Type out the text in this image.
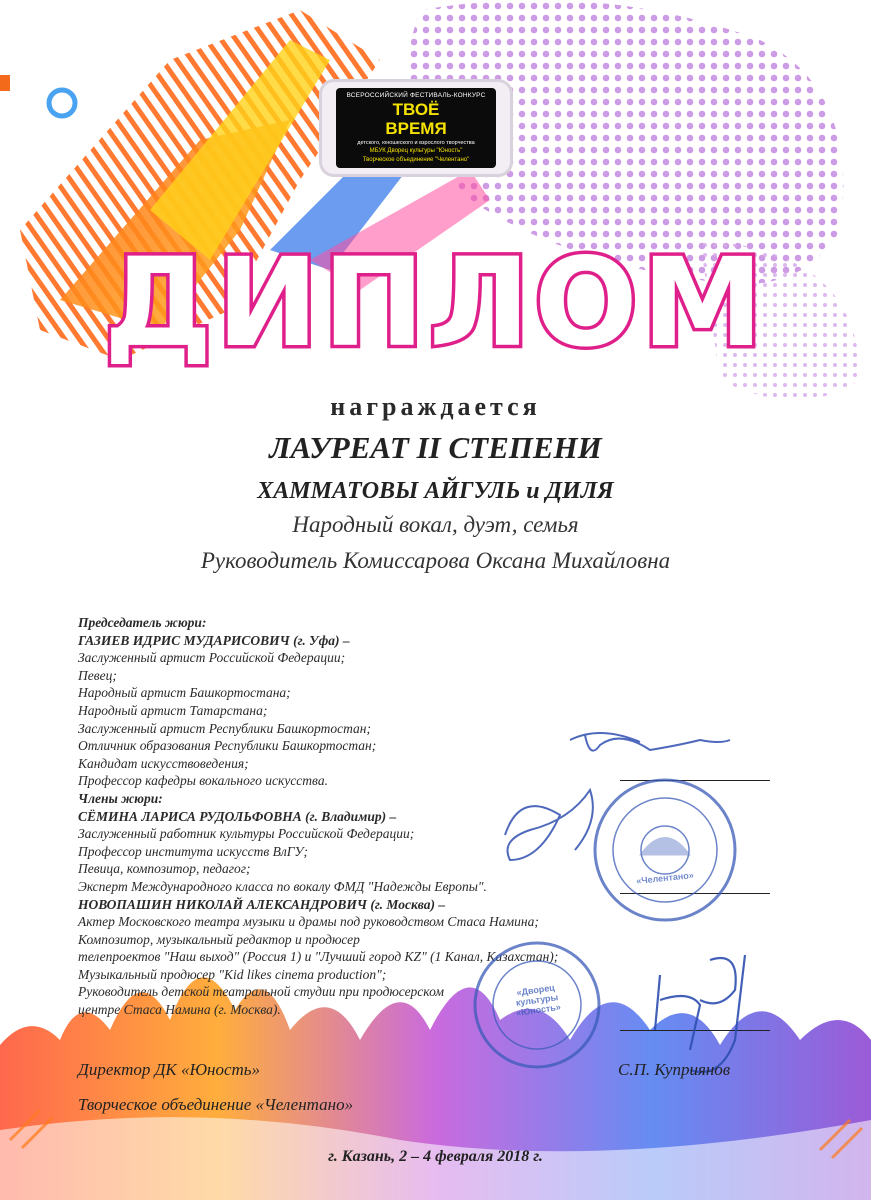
ВСЕРОССИЙСКИЙ ФЕСТИВАЛЬ-КОНКУРС
ТВОЁ
ВРЕМЯ
детского, юношеского и взрослого творчества
МБУК Дворец культуры "Юность"
Творческое объединение "Челентано"
ДИПЛОМ
награждается
ЛАУРЕАТ II СТЕПЕНИ
ХАММАТОВЫ АЙГУЛЬ и ДИЛЯ
Народный вокал, дуэт, семья
Руководитель Комиссарова Оксана Михайловна
Председатель жюри:
ГАЗИЕВ ИДРИС МУДАРИСОВИЧ (г. Уфа) –
Заслуженный артист Российской Федерации;
Певец;
Народный артист Башкортостана;
Народный артист Татарстана;
Заслуженный артист Республики Башкортостан;
Отличник образования Республики Башкортостан;
Кандидат искусствоведения;
Профессор кафедры вокального искусства.
Члены жюри:
СЁМИНА ЛАРИСА РУДОЛЬФОВНА (г. Владимир) –
Заслуженный работник культуры Российской Федерации;
Профессор института искусств ВлГУ;
Певица, композитор, педагог;
Эксперт Международного класса по вокалу ФМД "Надежды Европы".
НОВОПАШИН НИКОЛАЙ АЛЕКСАНДРОВИЧ (г. Москва) –
Актер Московского театра музыки и драмы под руководством Стаса Намина;
Композитор, музыкальный редактор и продюсер
телепроектов "Наш выход" (Россия 1) и "Лучший город KZ" (1 Канал, Казахстан);
Музыкальный продюсер "Kid likes cinema production";
Руководитель детской театральной студии при продюсерском
центре Стаса Намина (г. Москва).
«Дворец культуры «Юность»
«Челентано»
Директор ДК «Юность»	С.П. Куприянов
Творческое объединение «Челентано»
г. Казань, 2 – 4 февраля 2018 г.
